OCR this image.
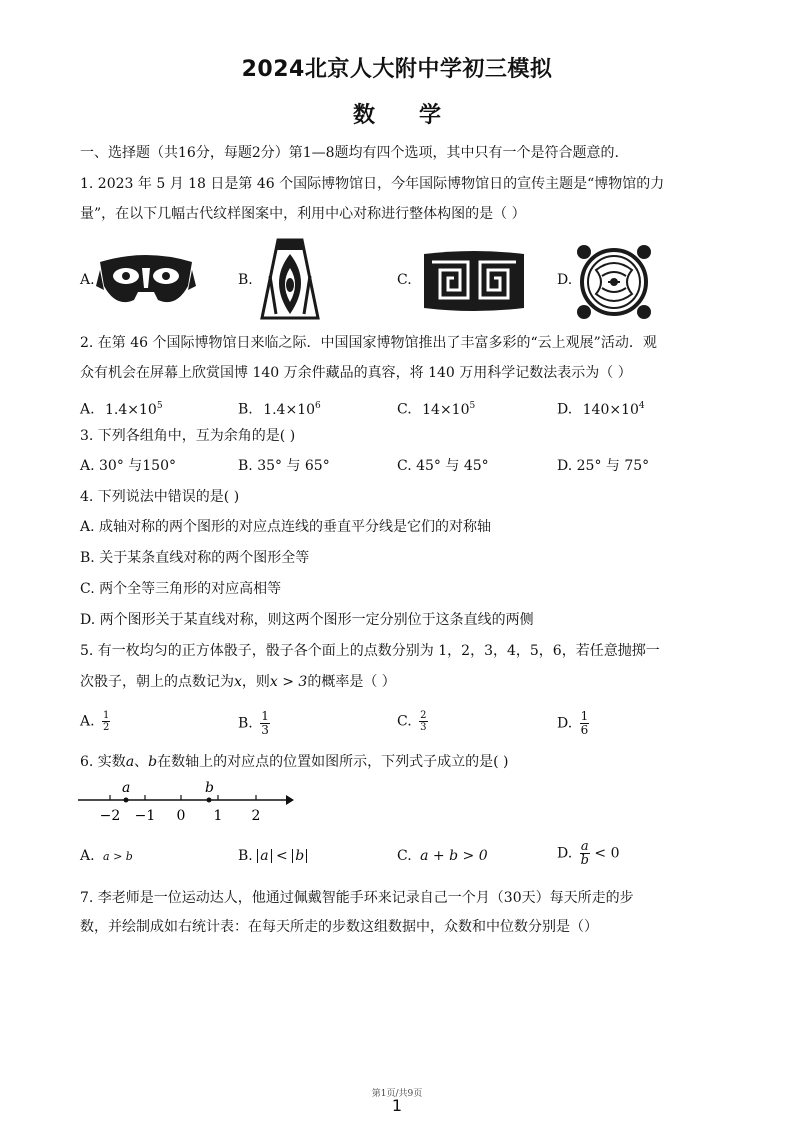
2024北京人大附中学初三模拟
数学
一、选择题（共16分，每题2分）第1—8题均有四个选项，其中只有一个是符合题意的.
1. 2023 年 5 月 18 日是第 46 个国际博物馆日，今年国际博物馆日的宣传主题是“博物馆的力
量”，在以下几幅古代纹样图案中，利用中心对称进行整体构图的是（ ）
A.	B.	C.	D.
2. 在第 46 个国际博物馆日来临之际．中国国家博物馆推出了丰富多彩的“云上观展”活动．观
众有机会在屏幕上欣赏国博 140 万余件藏品的真容，将 140 万用科学记数法表示为（ ）
A. $1.4\times 10^5$	B. $1.4\times 10^6$	C. $14\times 10^5$	D. $140\times 10^4$
3. 下列各组角中，互为余角的是( )
A. 30° 与150°	B. 35° 与 65°	C. 45° 与 45°	D. 25° 与 75°
4. 下列说法中错误的是( )
A. 成轴对称的两个图形的对应点连线的垂直平分线是它们的对称轴
B. 关于某条直线对称的两个图形全等
C. 两个全等三角形的对应高相等
D. 两个图形关于某直线对称，则这两个图形一定分别位于这条直线的两侧
5. 有一枚均匀的正方体骰子，骰子各个面上的点数分别为 1，2，3，4，5，6，若任意抛掷一
次骰子，朝上的点数记为x，则x > 3的概率是（ ）
A. $\frac{1}{2}$	B. $\frac{1}{3}$	C. $\frac{2}{3}$	D. $\frac{1}{6}$
6. 实数a、b在数轴上的对应点的位置如图所示，下列式子成立的是( )
a	b
−2 −1 0 1 2
A. a > b	B. a < b	C. a + b > 0	D. $\frac{a}{b} < 0$
7. 李老师是一位运动达人，他通过佩戴智能手环来记录自己一个月（30天）每天所走的步
数，并绘制成如右统计表：在每天所走的步数这组数据中，众数和中位数分别是（）
第1页/共9页
1
